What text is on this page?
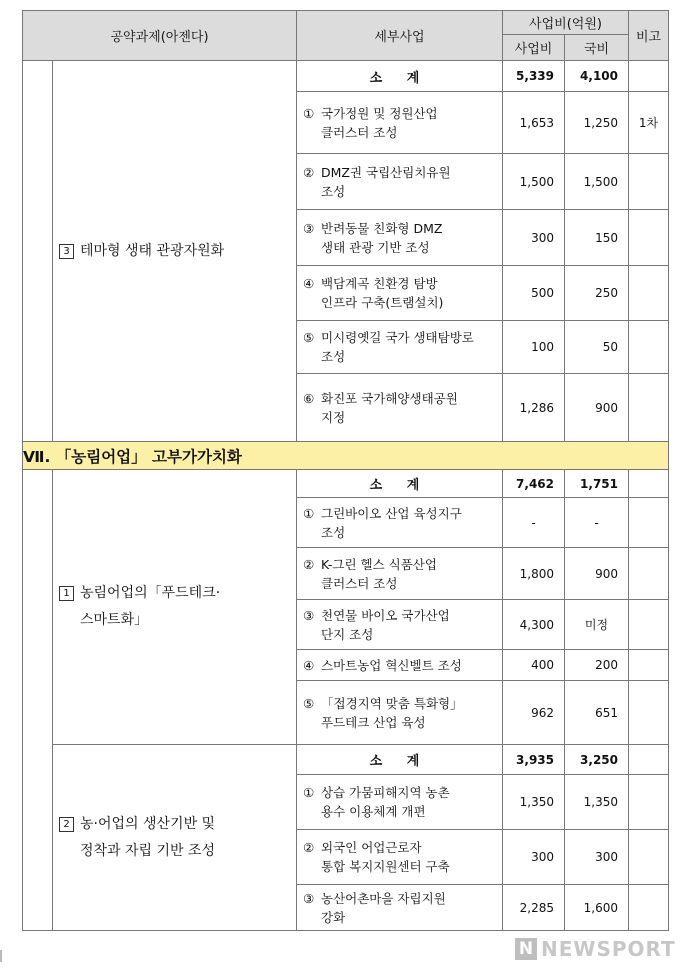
공약과제(아젠다)		세부사업	사업비(억원)		비고
			사업비	국비	
	3 테마형 생태 관광자원화	소 계	5,339	4,100	
		① 국가정원 및 정원산업
클러스터 조성	1,653	1,250	1차
		② DMZ권 국립산림치유원
조성	1,500	1,500	
		③ 반려동물 친화형 DMZ
생태 관광 기반 조성	300	150	
		④ 백담계곡 친환경 탐방
인프라 구축(트램설치)	500	250	
		⑤ 미시령옛길 국가 생태탐방로
조성	100	50	
		⑥ 화진포 국가해양생태공원
지정	1,286	900	
Ⅶ. 「농림어업」 고부가가치화					
	1 농림어업의「푸드테크·
스마트화」	소 계	7,462	1,751	
		① 그린바이오 산업 육성지구
조성	-	-	
		② K-그린 헬스 식품산업
클러스터 조성	1,800	900	
		③ 천연물 바이오 국가산업
단지 조성	4,300	미정	
		④ 스마트농업 혁신벨트 조성	400	200	
		⑤ 「접경지역 맞춤 특화형」
푸드테크 산업 육성	962	651	
	2 농·어업의 생산기반 및
정착과 자립 기반 조성	소 계	3,935	3,250	
		① 상습 가뭄피해지역 농촌
용수 이용체계 개편	1,350	1,350	
		② 외국인 어업근로자
통합 복지지원센터 구축	300	300	
		③ 농산어촌마을 자립지원
강화	2,285	1,600	
N NEWSPORT
